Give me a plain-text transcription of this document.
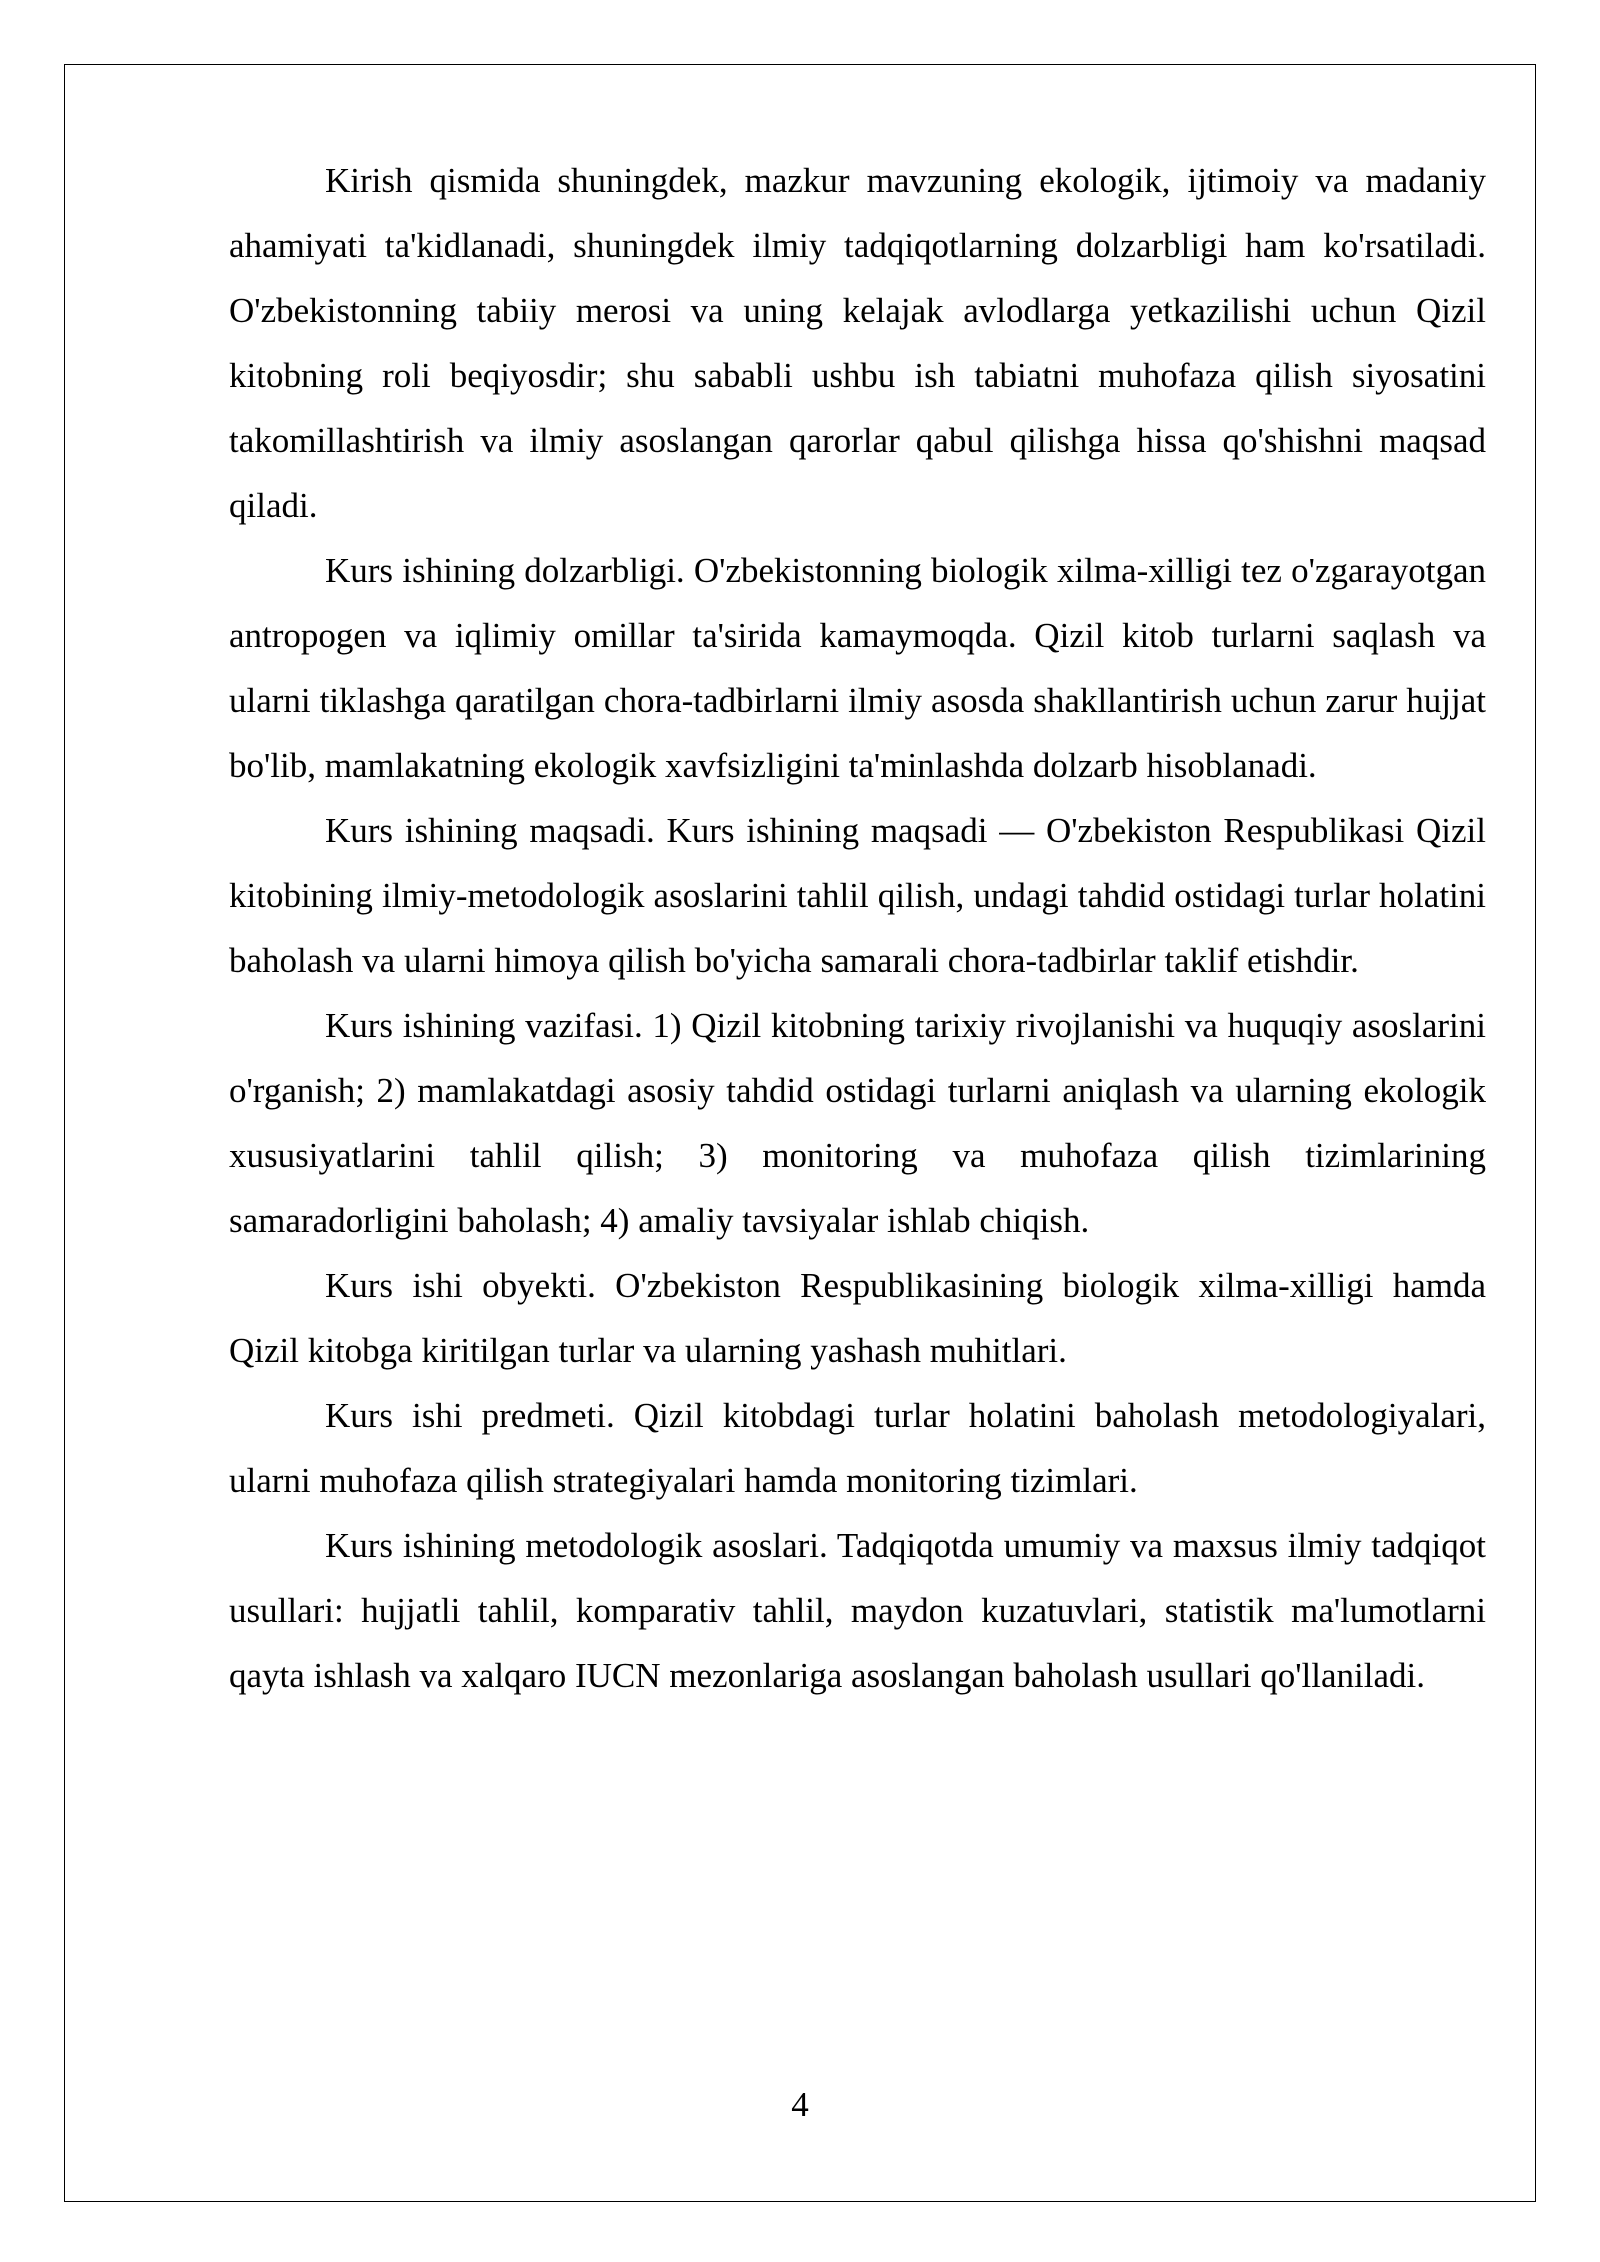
Kirish qismida shuningdek, mazkur mavzuning ekologik, ijtimoiy va madaniy ahamiyati ta'kidlanadi, shuningdek ilmiy tadqiqotlarning dolzarbligi ham ko'rsatiladi. O'zbekistonning tabiiy merosi va uning kelajak avlodlarga yetkazilishi uchun Qizil kitobning roli beqiyosdir; shu sababli ushbu ish tabiatni muhofaza qilish siyosatini takomillashtirish va ilmiy asoslangan qarorlar qabul qilishga hissa qo'shishni maqsad qiladi.

Kurs ishining dolzarbligi. O'zbekistonning biologik xilma-xilligi tez o'zgarayotgan antropogen va iqlimiy omillar ta'sirida kamaymoqda. Qizil kitob turlarni saqlash va ularni tiklashga qaratilgan chora-tadbirlarni ilmiy asosda shakllantirish uchun zarur hujjat bo'lib, mamlakatning ekologik xavfsizligini ta'minlashda dolzarb hisoblanadi.

Kurs ishining maqsadi. Kurs ishining maqsadi — O'zbekiston Respublikasi Qizil kitobining ilmiy-metodologik asoslarini tahlil qilish, undagi tahdid ostidagi turlar holatini baholash va ularni himoya qilish bo'yicha samarali chora-tadbirlar taklif etishdir.

Kurs ishining vazifasi. 1) Qizil kitobning tarixiy rivojlanishi va huquqiy asoslarini o'rganish; 2) mamlakatdagi asosiy tahdid ostidagi turlarni aniqlash va ularning ekologik xususiyatlarini tahlil qilish; 3) monitoring va muhofaza qilish tizimlarining samaradorligini baholash; 4) amaliy tavsiyalar ishlab chiqish.

Kurs ishi obyekti. O'zbekiston Respublikasining biologik xilma-xilligi hamda Qizil kitobga kiritilgan turlar va ularning yashash muhitlari.

Kurs ishi predmeti. Qizil kitobdagi turlar holatini baholash metodologiyalari, ularni muhofaza qilish strategiyalari hamda monitoring tizimlari.

Kurs ishining metodologik asoslari. Tadqiqotda umumiy va maxsus ilmiy tadqiqot usullari: hujjatli tahlil, komparativ tahlil, maydon kuzatuvlari, statistik ma'lumotlarni qayta ishlash va xalqaro IUCN mezonlariga asoslangan baholash usullari qo'llaniladi.

4
